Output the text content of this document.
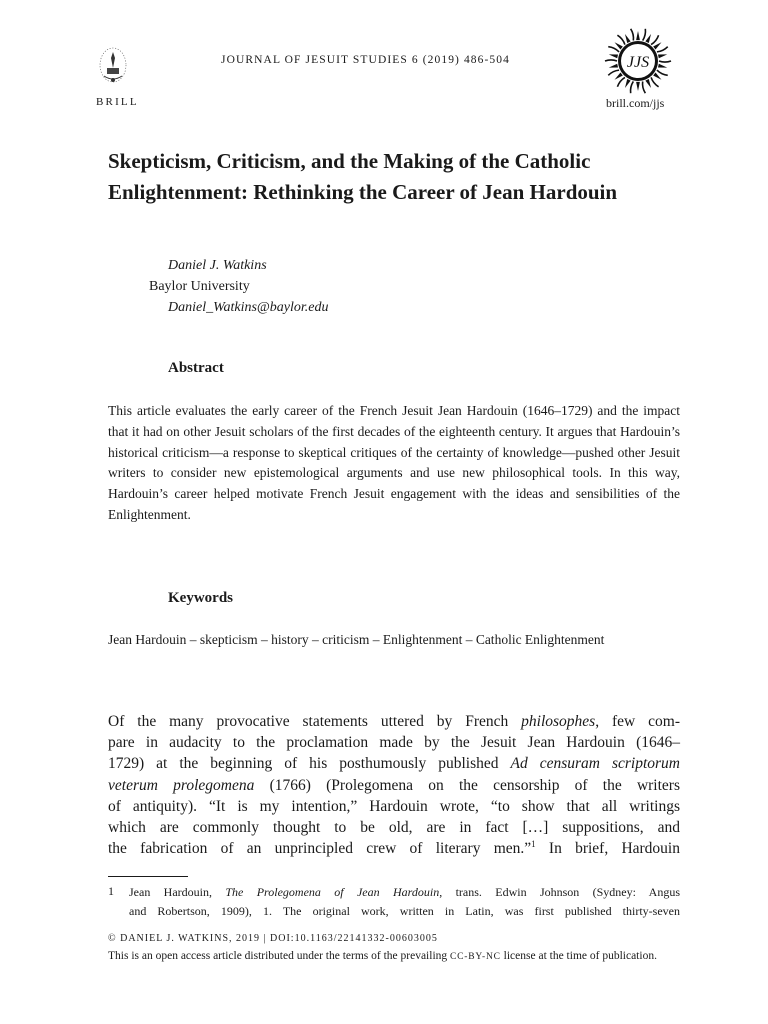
BRILL
JOURNAL OF JESUIT STUDIES 6 (2019) 486-504	JJS
brill.com/jjs
Skepticism, Criticism, and the Making of the Catholic Enlightenment: Rethinking the Career of Jean Hardouin
Daniel J. Watkins
Baylor University
Daniel_Watkins@baylor.edu
Abstract

This article evaluates the early career of the French Jesuit Jean Hardouin (1646–1729) and the impact that it had on other Jesuit scholars of the first decades of the eighteenth century. It argues that Hardouin’s historical criticism—a response to skeptical critiques of the certainty of knowledge—pushed other Jesuit writers to consider new epistemological arguments and use new philosophical tools. In this way, Hardouin’s career helped motivate French Jesuit engagement with the ideas and sensibilities of the Enlightenment.

Keywords

Jean Hardouin – skepticism – history – criticism – Enlightenment – Catholic Enlightenment

Of the many provocative statements uttered by French philosophes, few com-
pare in audacity to the proclamation made by the Jesuit Jean Hardouin (1646–
1729) at the beginning of his posthumously published Ad censuram scriptorum
veterum prolegomena (1766) (Prolegomena on the censorship of the writers
of antiquity). “It is my intention,” Hardouin wrote, “to show that all writings
which are commonly thought to be old, are in fact […] suppositions, and
the fabrication of an unprincipled crew of literary men.”$^1$ In brief, Hardouin
1 Jean Hardouin, The Prolegomena of Jean Hardouin, trans. Edwin Johnson (Sydney: Angus
and Robertson, 1909), 1. The original work, written in Latin, was first published thirty-seven
© DANIEL J. WATKINS, 2019 | DOI:10.1163/22141332-00603005

This is an open access article distributed under the terms of the prevailing CC-BY-NC license at the time of publication.
